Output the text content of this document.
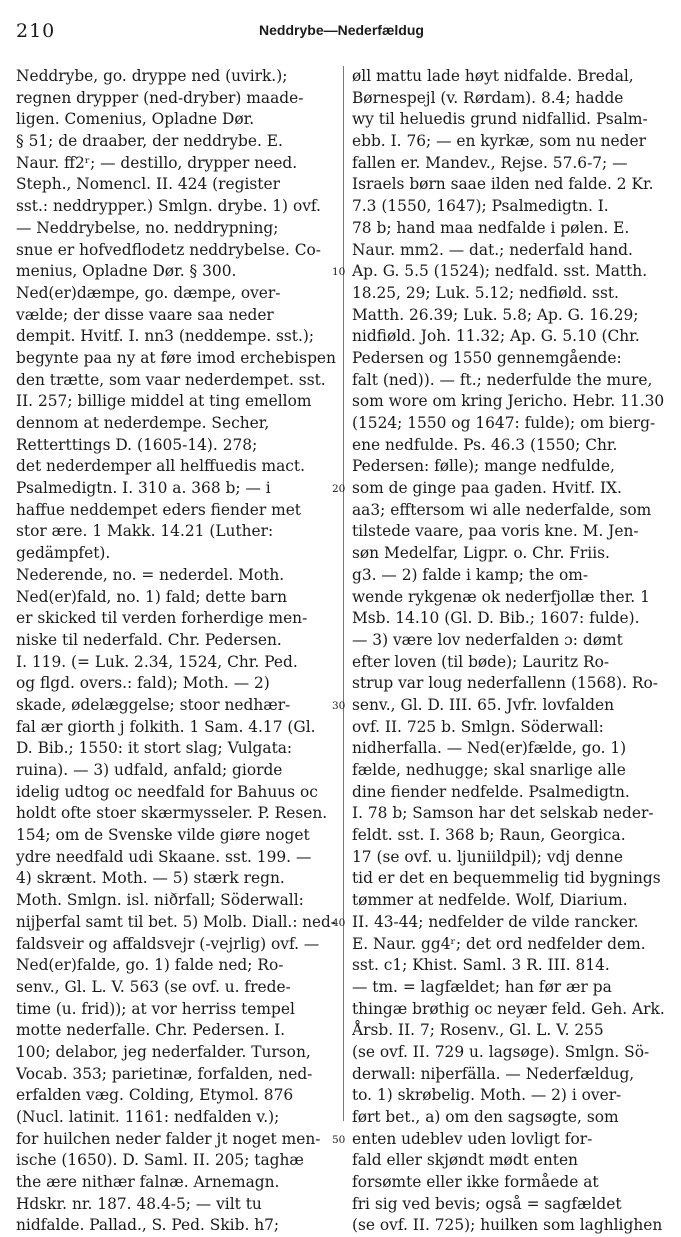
210	Neddrybe—Nederfældug
Neddrybe, go. dryppe ned (uvirk.);
regnen drypper (ned-dryber) maade-
ligen. Comenius, Opladne Dør.
§ 51; de draaber, der neddrybe. E.
Naur. ff2ʳ; — destillo, drypper need.
Steph., Nomencl. II. 424 (register
sst.: neddrypper.) Smlgn. drybe. 1) ovf.
— Neddrybelse, no. neddrypning;
snue er hofvedflodetz neddrybelse. Co-
menius, Opladne Dør. § 300.
Ned(er)dæmpe, go. dæmpe, over-
vælde; der disse vaare saa neder
dempit. Hvitf. I. nn3 (neddempe. sst.);
begynte paa ny at føre imod erchebispen
den trætte, som vaar nederdempet. sst.
II. 257; billige middel at ting emellom
dennom at nederdempe. Secher,
Retterttings D. (1605-14). 278;
det nederdemper all helffuedis mact.
Psalmedigtn. I. 310 a. 368 b; — i
haffue neddempet eders fiender met
stor ære. 1 Makk. 14.21 (Luther:
gedämpfet).
Nederende, no. = nederdel. Moth.
Ned(er)fald, no. 1) fald; dette barn
er skicked til verden forherdige men-
niske til nederfald. Chr. Pedersen.
I. 119. (= Luk. 2.34, 1524, Chr. Ped.
og flgd. overs.: fald); Moth. — 2)
skade, ødelæggelse; stoor nedhær-
fal ær giorth j folkith. 1 Sam. 4.17 (Gl.
D. Bib.; 1550: it stort slag; Vulgata:
ruina). — 3) udfald, anfald; giorde
idelig udtog oc needfald for Bahuus oc
holdt ofte stoer skærmysseler. P. Resen.
154; om de Svenske vilde giøre noget
ydre needfald udi Skaane. sst. 199. —
4) skrænt. Moth. — 5) stærk regn.
Moth. Smlgn. isl. niðrfall; Söderwall:
nijþerfal samt til bet. 5) Molb. Diall.: ned-
faldsveir og affaldsvejr (-vejrlig) ovf. —
Ned(er)falde, go. 1) falde ned; Ro-
senv., Gl. L. V. 563 (se ovf. u. frede-
time (u. frid)); at vor herriss tempel
motte nederfalle. Chr. Pedersen. I.
100; delabor, jeg nederfalder. Turson,
Vocab. 353; parietinæ, forfalden, ned-
erfalden væg. Colding, Etymol. 876
(Nucl. latinit. 1161: nedfalden v.);
for huilchen neder falder jt noget men-
ische (1650). D. Saml. II. 205; taghæ
the ære nithær falnæ. Arnemagn.
Hdskr. nr. 187. 48.4-5; — vilt tu
nidfalde. Pallad., S. Ped. Skib. h7;
øll mattu lade høyt nidfalde. Bredal,
Børnespejl (v. Rørdam). 8.4; hadde
wy til heluedis grund nidfallid. Psalm-
ebb. I. 76; — en kyrkæ, som nu neder
fallen er. Mandev., Rejse. 57.6-7; —
Israels børn saae ilden ned falde. 2 Kr.
7.3 (1550, 1647); Psalmedigtn. I.
78 b; hand maa nedfalde i pølen. E.
Naur. mm2. — dat.; nederfald hand.
Ap. G. 5.5 (1524); nedfald. sst. Matth.
18.25, 29; Luk. 5.12; nedfiøld. sst.
Matth. 26.39; Luk. 5.8; Ap. G. 16.29;
nidfiøld. Joh. 11.32; Ap. G. 5.10 (Chr.
Pedersen og 1550 gennemgående:
falt (ned)). — ft.; nederfulde the mure,
som wore om kring Jericho. Hebr. 11.30
(1524; 1550 og 1647: fulde); om bierg-
ene nedfulde. Ps. 46.3 (1550; Chr.
Pedersen: følle); mange nedfulde,
som de ginge paa gaden. Hvitf. IX.
aa3; efftersom wi alle nederfalde, som
tilstede vaare, paa voris kne. M. Jen-
søn Medelfar, Ligpr. o. Chr. Friis.
g3. — 2) falde i kamp; the om-
wende rykgenæ ok nederfjollæ ther. 1
Msb. 14.10 (Gl. D. Bib.; 1607: fulde).
— 3) være lov nederfalden ɔ: dømt
efter loven (til bøde); Lauritz Ro-
strup var loug nederfallenn (1568). Ro-
senv., Gl. D. III. 65. Jvfr. lovfalden
ovf. II. 725 b. Smlgn. Söderwall:
nidherfalla. — Ned(er)fælde, go. 1)
fælde, nedhugge; skal snarlige alle
dine fiender nedfelde. Psalmedigtn.
I. 78 b; Samson har det selskab neder-
feldt. sst. I. 368 b; Raun, Georgica.
17 (se ovf. u. ljuniildpil); vdj denne
tid er det en bequemmelig tid bygnings
tømmer at nedfelde. Wolf, Diarium.
II. 43-44; nedfelder de vilde rancker.
E. Naur. gg4ʳ; det ord nedfelder dem.
sst. c1; Khist. Saml. 3 R. III. 814.
— tm. = lagfældet; han før ær pa
thingæ brøthig oc neyær feld. Geh. Ark.
Årsb. II. 7; Rosenv., Gl. L. V. 255
(se ovf. II. 729 u. lagsøge). Smlgn. Sö-
derwall: niþerfälla. — Nederfældug,
to. 1) skrøbelig. Moth. — 2) i over-
ført bet., a) om den sagsøgte, som
enten udeblev uden lovligt for-
fald eller skjøndt mødt enten
forsømte eller ikke formåede at
fri sig ved bevis; også = sagfældet
(se ovf. II. 725); huilken som laghlighen
10
20
30
40
50
